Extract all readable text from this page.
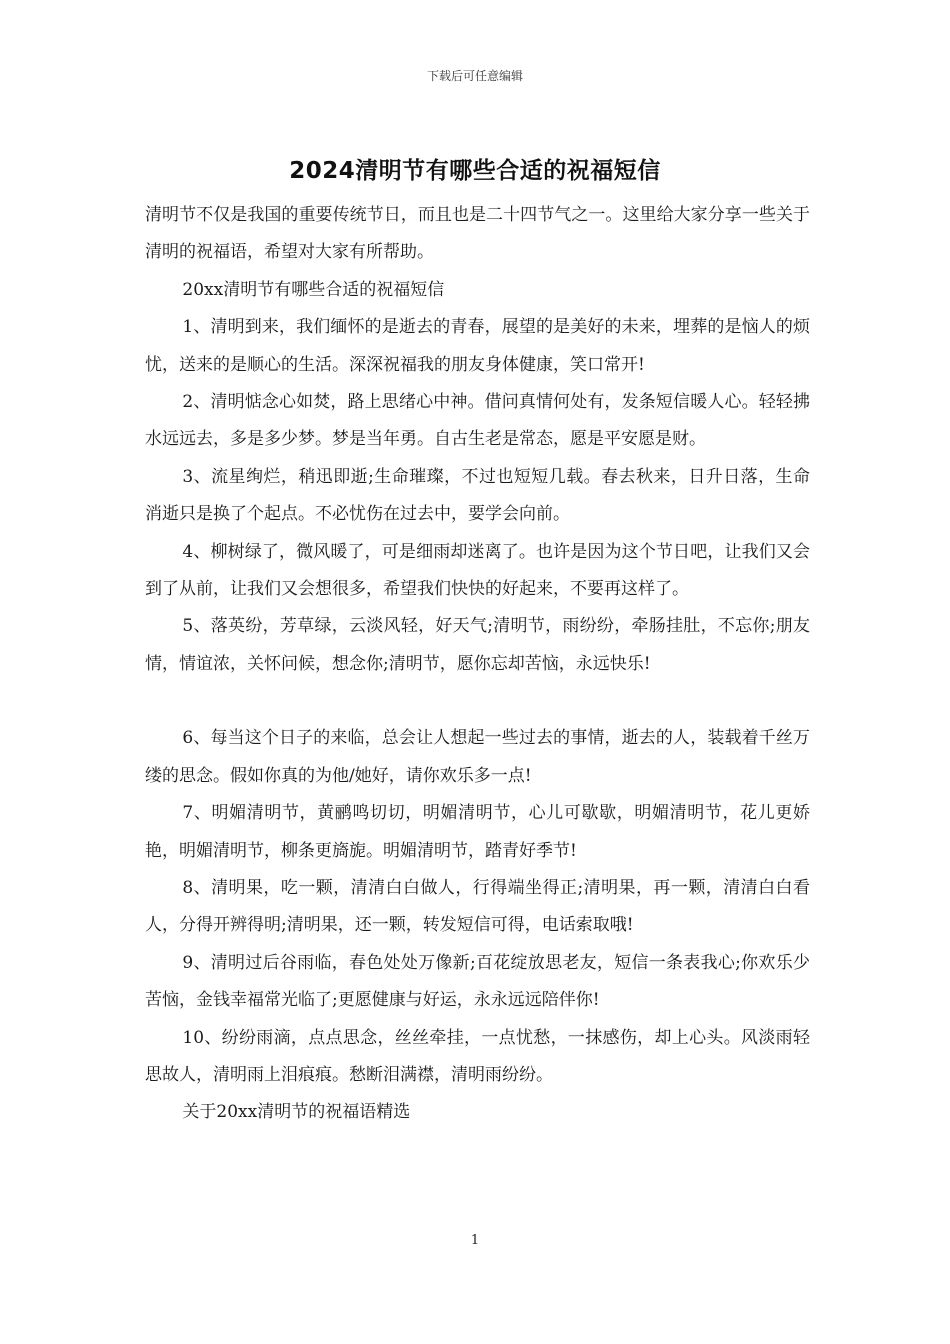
下载后可任意编辑
2024清明节有哪些合适的祝福短信

清明节不仅是我国的重要传统节日，而且也是二十四节气之一。这里给大家分享一些关于清明的祝福语，希望对大家有所帮助。

20xx清明节有哪些合适的祝福短信

1、清明到来，我们缅怀的是逝去的青春，展望的是美好的未来，埋葬的是恼人的烦忧，送来的是顺心的生活。深深祝福我的朋友身体健康，笑口常开!

2、清明惦念心如焚，路上思绪心中神。借问真情何处有，发条短信暖人心。轻轻拂水远远去，多是多少梦。梦是当年勇。自古生老是常态，愿是平安愿是财。

3、流星绚烂，稍迅即逝;生命璀璨，不过也短短几载。春去秋来，日升日落，生命消逝只是换了个起点。不必忧伤在过去中，要学会向前。

4、柳树绿了，微风暖了，可是细雨却迷离了。也许是因为这个节日吧，让我们又会到了从前，让我们又会想很多，希望我们快快的好起来，不要再这样了。

5、落英纷，芳草绿，云淡风轻，好天气;清明节，雨纷纷，牵肠挂肚，不忘你;朋友情，情谊浓，关怀问候，想念你;清明节，愿你忘却苦恼，永远快乐!

6、每当这个日子的来临，总会让人想起一些过去的事情，逝去的人，装载着千丝万缕的思念。假如你真的为他/她好，请你欢乐多一点!

7、明媚清明节，黄鹂鸣切切，明媚清明节，心儿可歇歇，明媚清明节，花儿更娇艳，明媚清明节，柳条更旖旎。明媚清明节，踏青好季节!

8、清明果，吃一颗，清清白白做人，行得端坐得正;清明果，再一颗，清清白白看人，分得开辨得明;清明果，还一颗，转发短信可得，电话索取哦!

9、清明过后谷雨临，春色处处万像新;百花绽放思老友，短信一条表我心;你欢乐少苦恼，金钱幸福常光临了;更愿健康与好运，永永远远陪伴你!

10、纷纷雨滴，点点思念，丝丝牵挂，一点忧愁，一抹感伤，却上心头。风淡雨轻思故人，清明雨上泪痕痕。愁断泪满襟，清明雨纷纷。

关于20xx清明节的祝福语精选

1
